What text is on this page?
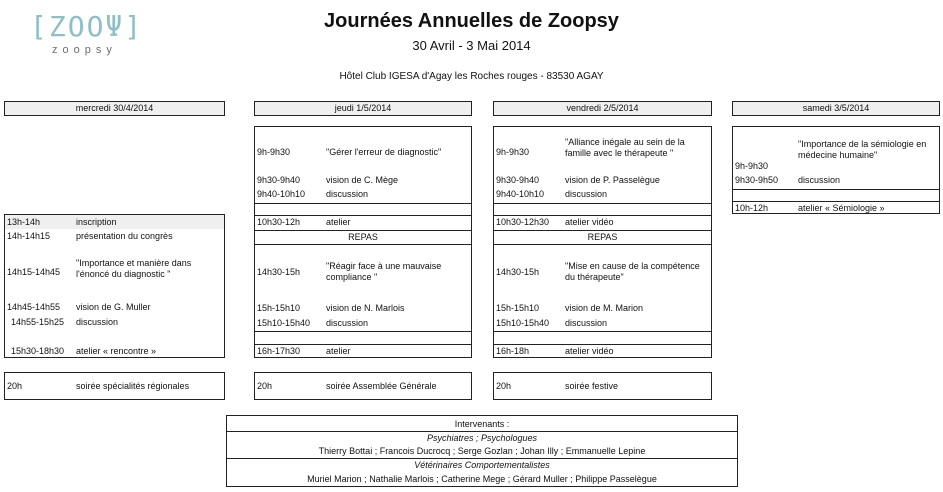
[ZOOΨ]
zoopsy
Journées Annuelles de Zoopsy
30 Avril - 3 Mai 2014
Hôtel Club IGESA d'Agay les Roches rouges - 83530 AGAY
mercredi 30/4/2014	jeudi 1/5/2014	vendredi 2/5/2014	samedi 3/5/2014
13h-14h	inscription
14h-14h15	présentation du congrès
14h15-14h45
"Importance et manière dans l'énoncé du diagnostic "
14h45-14h55 vision de G. Muller
14h55-15h25 discussion
15h30-18h30 atelier « rencontre »
20h	soirée spécialités régionales
9h-9h30	"Gérer l'erreur de diagnostic"
9h30-9h40	vision de C. Mège
9h40-10h10 discussion
10h30-12h	atelier
REPAS
14h30-15h
"Réagir face à une mauvaise compliance "
15h-15h10	vision de N. Marlois
15h10-15h40 discussion
16h-17h30	atelier
20h	soirée Assemblée Générale
9h-9h30
"Alliance inégale au sein de la famille avec le thérapeute "
9h30-9h40	vision de P. Passelègue
9h40-10h10 discussion
10h30-12h30 atelier vidéo
REPAS
14h30-15h
"Mise en cause de la compétence du thérapeute"
15h-15h10	vision de M. Marion
15h10-15h40 discussion
16h-18h	atelier vidéo
20h	soirée festive
9h-9h30
"Importance de la sémiologie en médecine humaine"
9h30-9h50 discussion
10h-12h	atelier « Sémiologie »
Intervenants :
Psychiatres ; Psychologues
Thierry Bottai ; Francois Ducrocq ; Serge Gozlan ; Johan Illy ; Emmanuelle Lepine
Vétérinaires Comportementalistes
Muriel Marion ; Nathalie Marlois ; Catherine Mege ; Gérard Muller ; Philippe Passelègue
